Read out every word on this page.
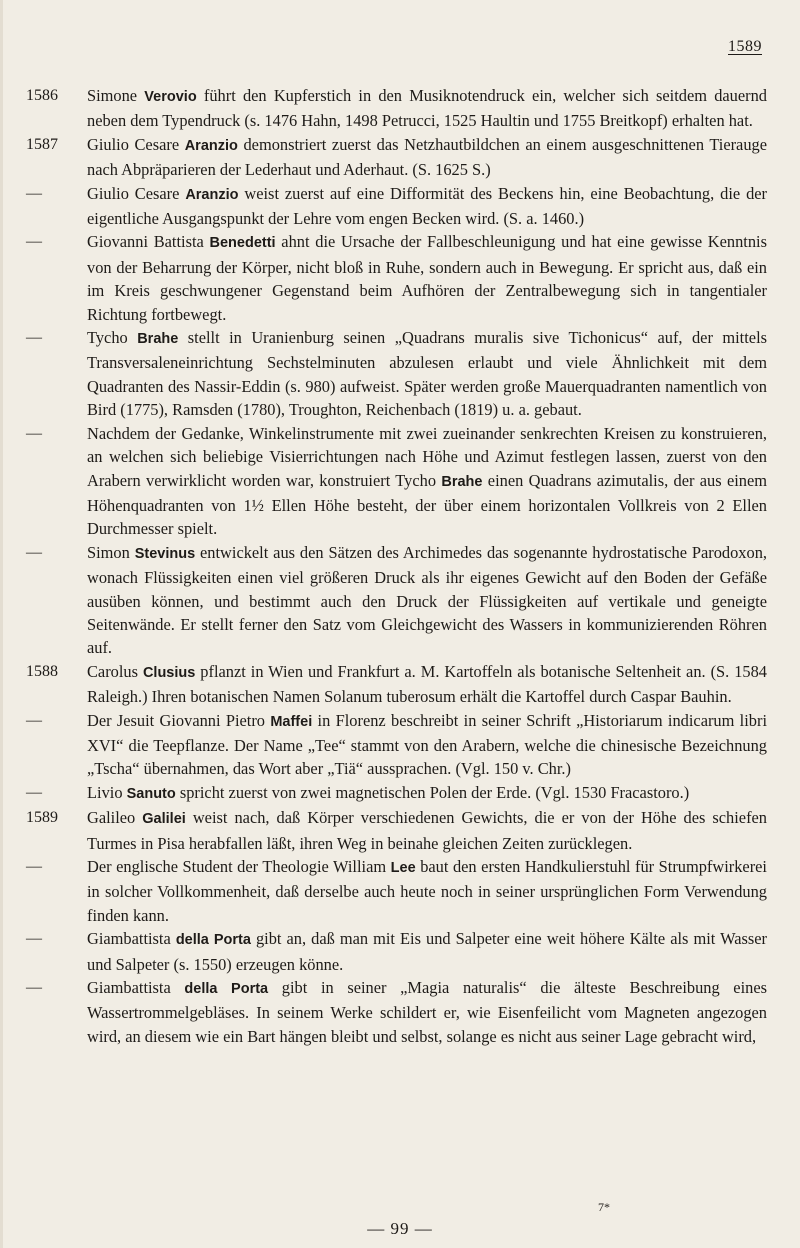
1589
1586	Simone Verovio führt den Kupferstich in den Musiknotendruck ein, welcher sich seitdem dauernd neben dem Typendruck (s. 1476 Hahn, 1498 Petrucci, 1525 Haultin und 1755 Breitkopf) erhalten hat.
1587	Giulio Cesare Aranzio demonstriert zuerst das Netzhautbildchen an einem ausgeschnittenen Tierauge nach Abpräparieren der Lederhaut und Aderhaut. (S. 1625 S.)
—	Giulio Cesare Aranzio weist zuerst auf eine Difformität des Beckens hin, eine Beobachtung, die der eigentliche Ausgangspunkt der Lehre vom engen Becken wird. (S. a. 1460.)
—	Giovanni Battista Benedetti ahnt die Ursache der Fallbeschleunigung und hat eine gewisse Kenntnis von der Beharrung der Körper, nicht bloß in Ruhe, sondern auch in Bewegung. Er spricht aus, daß ein im Kreis geschwungener Gegenstand beim Aufhören der Zentralbewegung sich in tangentialer Richtung fortbewegt.
—	Tycho Brahe stellt in Uranienburg seinen „Quadrans muralis sive Tichonicus“ auf, der mittels Transversaleneinrichtung Sechstelminuten abzulesen erlaubt und viele Ähnlichkeit mit dem Quadranten des Nassir-Eddin (s. 980) aufweist. Später werden große Mauerquadranten namentlich von Bird (1775), Ramsden (1780), Troughton, Reichenbach (1819) u. a. gebaut.
—	Nachdem der Gedanke, Winkelinstrumente mit zwei zueinander senkrechten Kreisen zu konstruieren, an welchen sich beliebige Visierrichtungen nach Höhe und Azimut festlegen lassen, zuerst von den Arabern verwirklicht worden war, konstruiert Tycho Brahe einen Quadrans azimutalis, der aus einem Höhenquadranten von 1½ Ellen Höhe besteht, der über einem horizontalen Vollkreis von 2 Ellen Durchmesser spielt.
—	Simon Stevinus entwickelt aus den Sätzen des Archimedes das sogenannte hydrostatische Parodoxon, wonach Flüssigkeiten einen viel größeren Druck als ihr eigenes Gewicht auf den Boden der Gefäße ausüben können, und bestimmt auch den Druck der Flüssigkeiten auf vertikale und geneigte Seitenwände. Er stellt ferner den Satz vom Gleichgewicht des Wassers in kommunizierenden Röhren auf.
1588	Carolus Clusius pflanzt in Wien und Frankfurt a. M. Kartoffeln als botanische Seltenheit an. (S. 1584 Raleigh.) Ihren botanischen Namen Solanum tuberosum erhält die Kartoffel durch Caspar Bauhin.
—	Der Jesuit Giovanni Pietro Maffei in Florenz beschreibt in seiner Schrift „Historiarum indicarum libri XVI“ die Teepflanze. Der Name „Tee“ stammt von den Arabern, welche die chinesische Bezeichnung „Tscha“ übernahmen, das Wort aber „Tiä“ aussprachen. (Vgl. 150 v. Chr.)
—	Livio Sanuto spricht zuerst von zwei magnetischen Polen der Erde. (Vgl. 1530 Fracastoro.)
1589	Galileo Galilei weist nach, daß Körper verschiedenen Gewichts, die er von der Höhe des schiefen Turmes in Pisa herabfallen läßt, ihren Weg in beinahe gleichen Zeiten zurücklegen.
—	Der englische Student der Theologie William Lee baut den ersten Handkulierstuhl für Strumpfwirkerei in solcher Vollkommenheit, daß derselbe auch heute noch in seiner ursprünglichen Form Verwendung finden kann.
—	Giambattista della Porta gibt an, daß man mit Eis und Salpeter eine weit höhere Kälte als mit Wasser und Salpeter (s. 1550) erzeugen könne.
—	Giambattista della Porta gibt in seiner „Magia naturalis“ die älteste Beschreibung eines Wassertrommelgebläses. In seinem Werke schildert er, wie Eisenfeilicht vom Magneten angezogen wird, an diesem wie ein Bart hängen bleibt und selbst, solange es nicht aus seiner Lage gebracht wird,
7*
— 99 —
